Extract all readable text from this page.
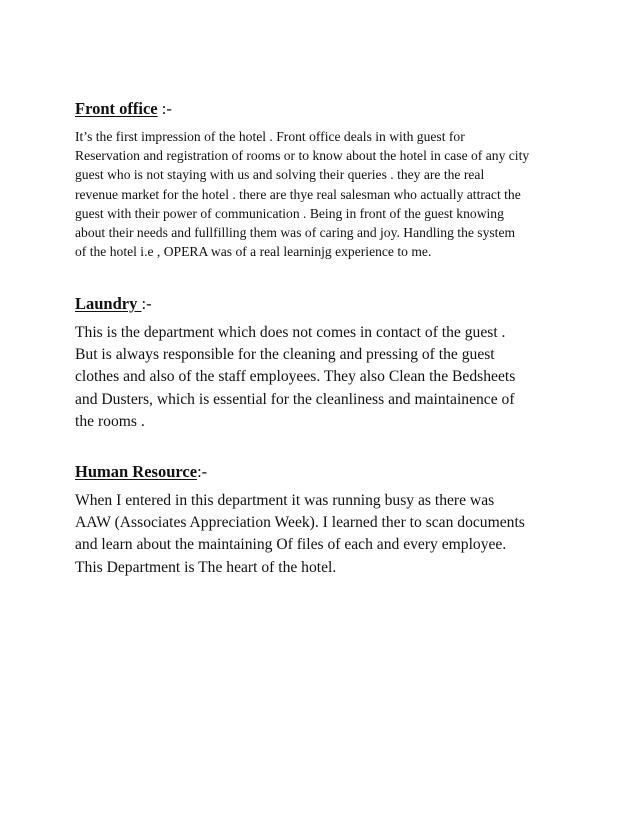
Front office :-

It’s the first impression of the hotel . Front office deals in with guest for
Reservation and registration of rooms or to know about the hotel in case of any city
guest who is not staying with us and solving their queries . they are the real
revenue market for the hotel . there are thye real salesman who actually attract the
guest with their power of communication . Being in front of the guest knowing
about their needs and fullfilling them was of caring and joy. Handling the system
of the hotel i.e , OPERA was of a real learninjg experience to me.

Laundry :-

This is the department which does not comes in contact of the guest .
But is always responsible for the cleaning and pressing of the guest
clothes and also of the staff employees. They also Clean the Bedsheets
and Dusters, which is essential for the cleanliness and maintainence of
the rooms .

Human Resource:-

When I entered in this department it was running busy as there was
AAW (Associates Appreciation Week). I learned ther to scan documents
and learn about the maintaining Of files of each and every employee.
This Department is The heart of the hotel.
